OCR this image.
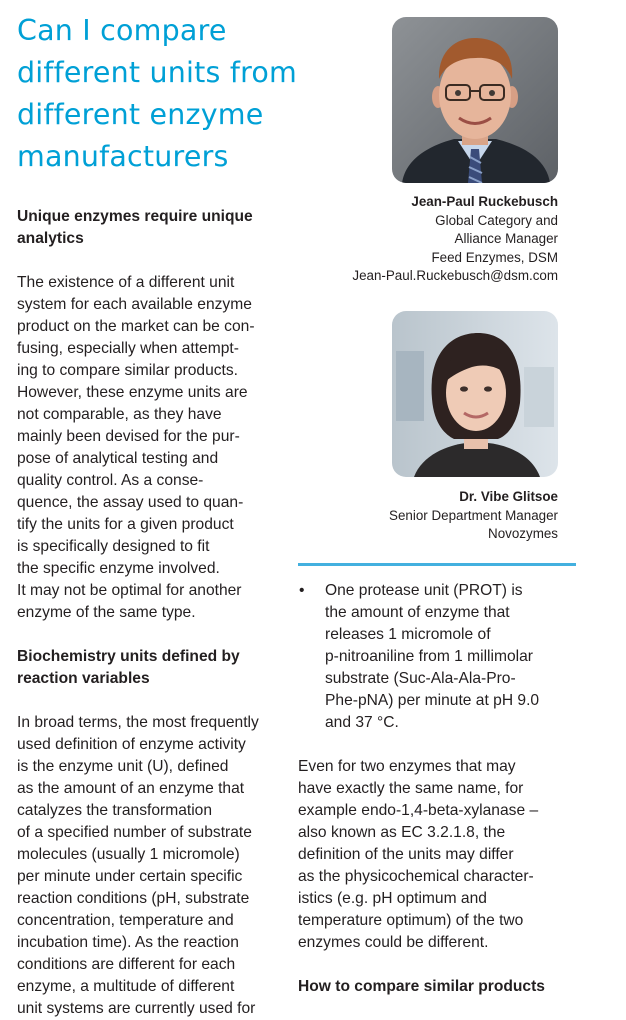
Can I compare
different units from
different enzyme
manufacturers
Unique enzymes require unique
analytics
The existence of a different unit
system for each available enzyme
product on the market can be con-
fusing, especially when attempt-
ing to compare similar products.
However, these enzyme units are
not comparable, as they have
mainly been devised for the pur-
pose of analytical testing and
quality control. As a conse-
quence, the assay used to quan-
tify the units for a given product
is specifically designed to fit
the specific enzyme involved.
It may not be optimal for another
enzyme of the same type.
Biochemistry units defined by
reaction variables
In broad terms, the most frequently
used definition of enzyme activity
is the enzyme unit (U), defined
as the amount of an enzyme that
catalyzes the transformation
of a specified number of substrate
molecules (usually 1 micromole)
per minute under certain specific
reaction conditions (pH, substrate
concentration, temperature and
incubation time). As the reaction
conditions are different for each
enzyme, a multitude of different
unit systems are currently used for
Jean-Paul Ruckebusch
Global Category and
Alliance Manager
Feed Enzymes, DSM
Jean-Paul.Ruckebusch@dsm.com
Dr. Vibe Glitsoe
Senior Department Manager
Novozymes
•	One protease unit (PROT) is
the amount of enzyme that
releases 1 micromole of
p-nitroaniline from 1 millimolar
substrate (Suc-Ala-Ala-Pro-
Phe-pNA) per minute at pH 9.0
and 37 °C.
Even for two enzymes that may
have exactly the same name, for
example endo-1,4-beta-xylanase –
also known as EC 3.2.1.8, the
definition of the units may differ
as the physicochemical character-
istics (e.g. pH optimum and
temperature optimum) of the two
enzymes could be different.
How to compare similar products
